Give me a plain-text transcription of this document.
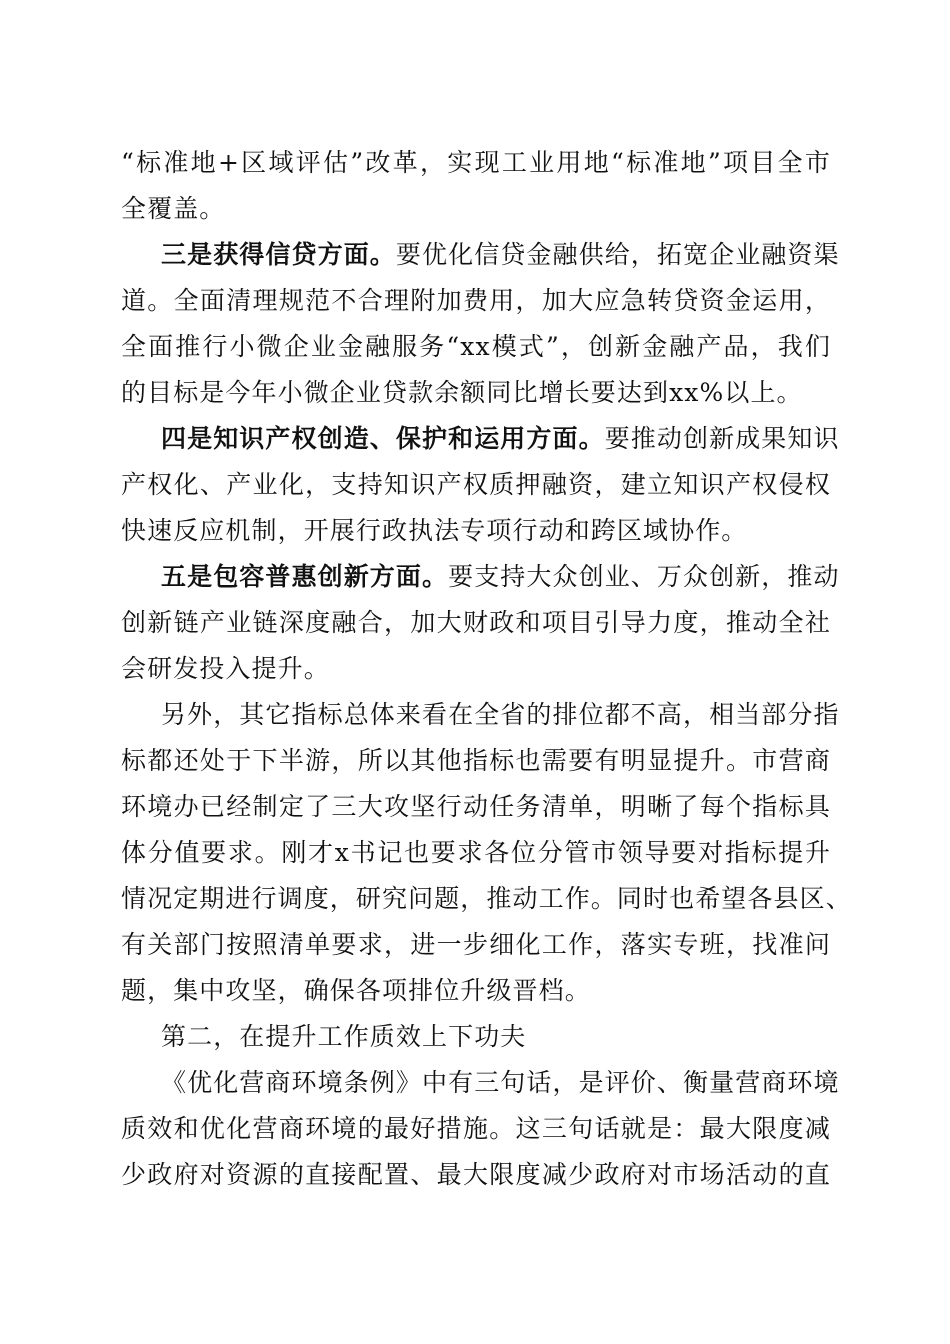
“标准地+区域评估”改革，实现工业用地“标准地”项目全市
全覆盖。
三是获得信贷方面。要优化信贷金融供给，拓宽企业融资渠
道。全面清理规范不合理附加费用，加大应急转贷资金运用，
全面推行小微企业金融服务“xx模式”，创新金融产品，我们
的目标是今年小微企业贷款余额同比增长要达到xx%以上。
四是知识产权创造、保护和运用方面。要推动创新成果知识
产权化、产业化，支持知识产权质押融资，建立知识产权侵权
快速反应机制，开展行政执法专项行动和跨区域协作。
五是包容普惠创新方面。要支持大众创业、万众创新，推动
创新链产业链深度融合，加大财政和项目引导力度，推动全社
会研发投入提升。
另外，其它指标总体来看在全省的排位都不高，相当部分指
标都还处于下半游，所以其他指标也需要有明显提升。市营商
环境办已经制定了三大攻坚行动任务清单，明晰了每个指标具
体分值要求。刚才x书记也要求各位分管市领导要对指标提升
情况定期进行调度，研究问题，推动工作。同时也希望各县区、
有关部门按照清单要求，进一步细化工作，落实专班，找准问
题，集中攻坚，确保各项排位升级晋档。
第二，在提升工作质效上下功夫
《优化营商环境条例》中有三句话，是评价、衡量营商环境
质效和优化营商环境的最好措施。这三句话就是：最大限度减
少政府对资源的直接配置、最大限度减少政府对市场活动的直
